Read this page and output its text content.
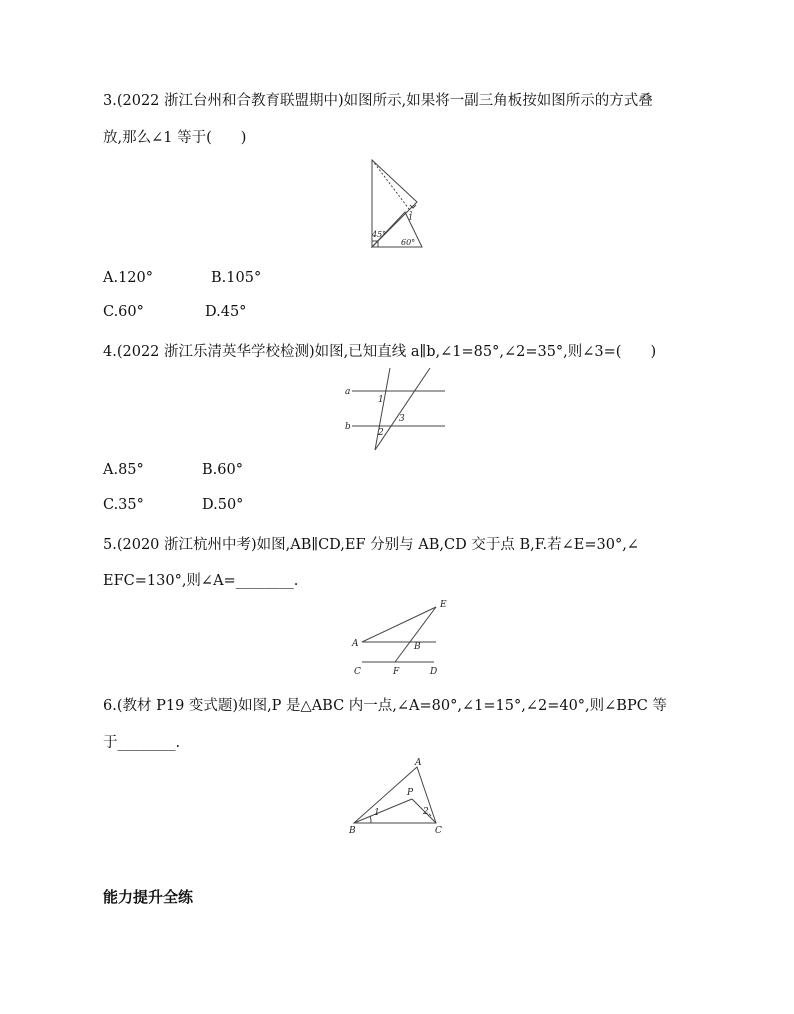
3.(2022 浙江台州和合教育联盟期中)如图所示,如果将一副三角板按如图所示的方式叠
放,那么∠1 等于(　　)
45°
60°
1
A.120°	B.105°
C.60°	D.45°
4.(2022 浙江乐清英华学校检测)如图,已知直线 a∥b,∠1=85°,∠2=35°,则∠3=(　　)
a
b
1
2
3
A.85°	B.60°
C.35°	D.50°
5.(2020 浙江杭州中考)如图,AB∥CD,EF 分别与 AB,CD 交于点 B,F.若∠E=30°,∠
EFC=130°,则∠A=________.
E
A	B
C	F	D
6.(教材 P19 变式题)如图,P 是△ABC 内一点,∠A=80°,∠1=15°,∠2=40°,则∠BPC 等
于________.
A
B	C
P
1	2
能力提升全练
